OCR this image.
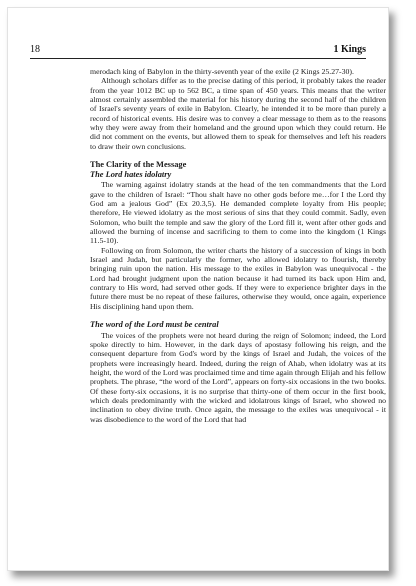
18	1 Kings

merodach king of Babylon in the thirty-seventh year of the exile (2 Kings 25.27-30).

Although scholars differ as to the precise dating of this period, it probably takes the reader from the year 1012 BC up to 562 BC, a time span of 450 years. This means that the writer almost certainly assembled the material for his history during the second half of the children of Israel's seventy years of exile in Babylon. Clearly, he intended it to be more than purely a record of historical events. His desire was to convey a clear message to them as to the reasons why they were away from their homeland and the ground upon which they could return. He did not comment on the events, but allowed them to speak for themselves and left his readers to draw their own conclusions.

The Clarity of the Message
The Lord hates idolatry

The warning against idolatry stands at the head of the ten commandments that the Lord gave to the children of Israel: “Thou shalt have no other gods before me…for I the Lord thy God am a jealous God” (Ex 20.3,5). He demanded complete loyalty from His people; therefore, He viewed idolatry as the most serious of sins that they could commit. Sadly, even Solomon, who built the temple and saw the glory of the Lord fill it, went after other gods and allowed the burning of incense and sacrificing to them to come into the kingdom (1 Kings 11.5-10).

Following on from Solomon, the writer charts the history of a succession of kings in both Israel and Judah, but particularly the former, who allowed idolatry to flourish, thereby bringing ruin upon the nation. His message to the exiles in Babylon was unequivocal - the Lord had brought judgment upon the nation because it had turned its back upon Him and, contrary to His word, had served other gods. If they were to experience brighter days in the future there must be no repeat of these failures, otherwise they would, once again, experience His disciplining hand upon them.

The word of the Lord must be central

The voices of the prophets were not heard during the reign of Solomon; indeed, the Lord spoke directly to him. However, in the dark days of apostasy following his reign, and the consequent departure from God's word by the kings of Israel and Judah, the voices of the prophets were increasingly heard. Indeed, during the reign of Ahab, when idolatry was at its height, the word of the Lord was proclaimed time and time again through Elijah and his fellow prophets. The phrase, “the word of the Lord”, appears on forty-six occasions in the two books. Of these forty-six occasions, it is no surprise that thirty-one of them occur in the first book, which deals predominantly with the wicked and idolatrous kings of Israel, who showed no inclination to obey divine truth. Once again, the message to the exiles was unequivocal - it was disobedience to the word of the Lord that had
